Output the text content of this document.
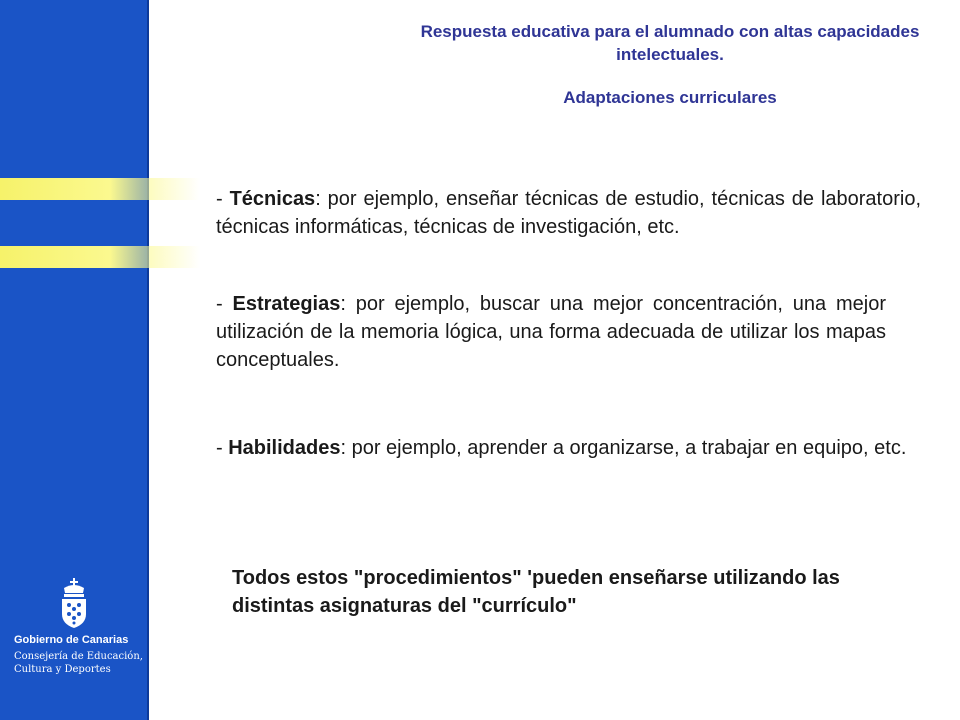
Respuesta educativa para el alumnado con altas capacidades intelectuales.

Adaptaciones curriculares
- Técnicas: por ejemplo, enseñar técnicas de estudio, técnicas de laboratorio, técnicas informáticas, técnicas de investigación, etc.
- Estrategias: por ejemplo, buscar una mejor concentración, una mejor utilización de la memoria lógica, una forma adecuada de utilizar los mapas conceptuales.
- Habilidades: por ejemplo, aprender a organizarse, a trabajar en equipo, etc.
Todos estos "procedimientos" 'pueden enseñarse utilizando las distintas asignaturas del "currículo"
Gobierno de Canarias
Consejería de Educación,
Cultura y Deportes
